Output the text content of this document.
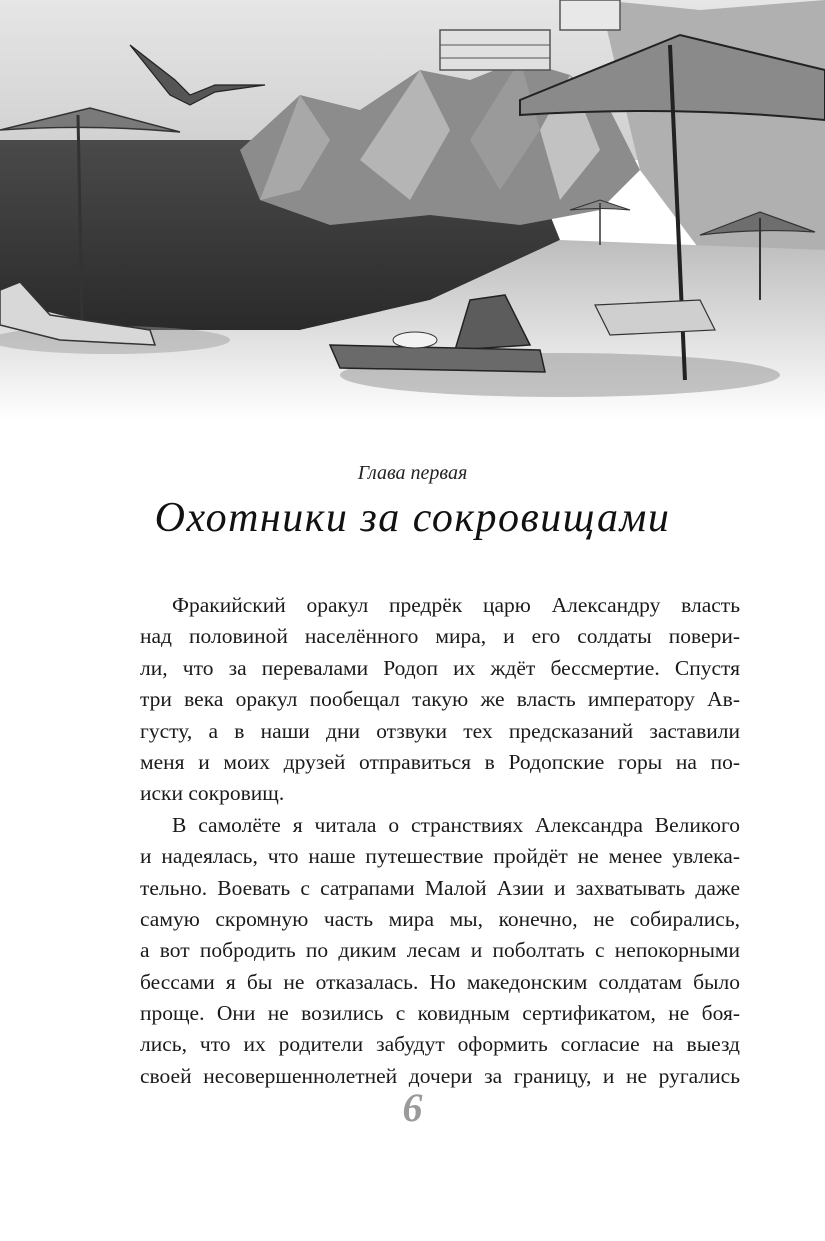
Глава первая
Охотники за сокровищами
Фракийский оракул предрёк царю Александру власть
над половиной населённого мира, и его солдаты повери-
ли, что за перевалами Родоп их ждёт бессмертие. Спустя
три века оракул пообещал такую же власть императору Ав-
густу, а в наши дни отзвуки тех предсказаний заставили
меня и моих друзей отправиться в Родопские горы на по-
иски сокровищ.
В самолёте я читала о странствиях Александра Великого
и надеялась, что наше путешествие пройдёт не менее увлека-
тельно. Воевать с сатрапами Малой Азии и захватывать даже
самую скромную часть мира мы, конечно, не собирались,
а вот побродить по диким лесам и поболтать с непокорными
бессами я бы не отказалась. Но македонским солдатам было
проще. Они не возились с ковидным сертификатом, не боя-
лись, что их родители забудут оформить согласие на выезд
своей несовершеннолетней дочери за границу, и не ругались
6
